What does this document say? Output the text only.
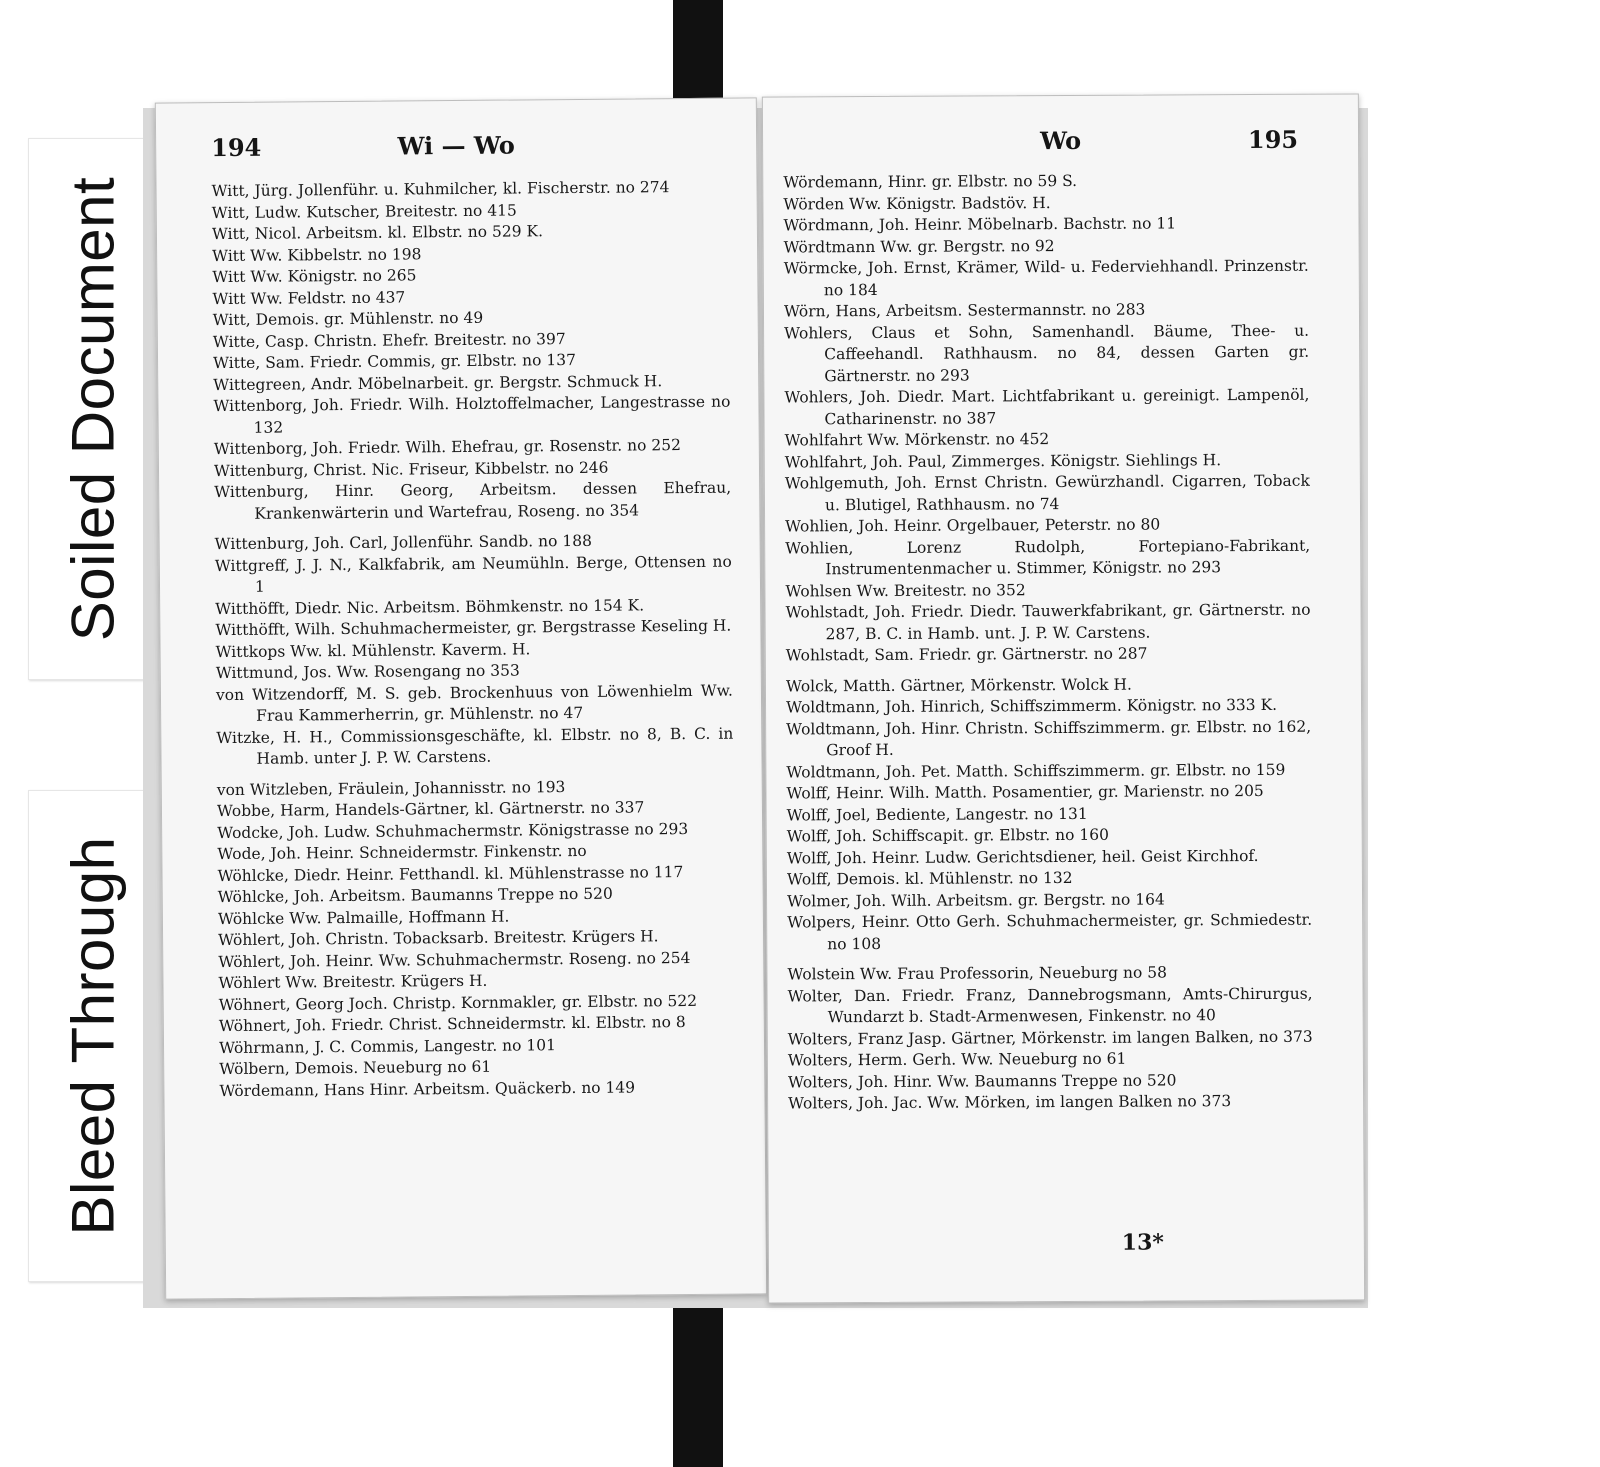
Soiled Document
Bleed Through
194	Wi — Wo

Witt, Jürg. Jollenführ. u. Kuhmilcher, kl. Fischerstr. no 274

Witt, Ludw. Kutscher, Breitestr. no 415

Witt, Nicol. Arbeitsm. kl. Elbstr. no 529 K.

Witt Ww. Kibbelstr. no 198

Witt Ww. Königstr. no 265

Witt Ww. Feldstr. no 437

Witt, Demois. gr. Mühlenstr. no 49

Witte, Casp. Christn. Ehefr. Breitestr. no 397

Witte, Sam. Friedr. Commis, gr. Elbstr. no 137

Wittegreen, Andr. Möbelnarbeit. gr. Bergstr. Schmuck H.

Wittenborg, Joh. Friedr. Wilh. Holztoffelmacher, Langestrasse no 132

Wittenborg, Joh. Friedr. Wilh. Ehefrau, gr. Rosenstr. no 252

Wittenburg, Christ. Nic. Friseur, Kibbelstr. no 246

Wittenburg, Hinr. Georg, Arbeitsm. dessen Ehefrau, Krankenwärterin und Wartefrau, Roseng. no 354

Wittenburg, Joh. Carl, Jollenführ. Sandb. no 188

Wittgreff, J. J. N., Kalkfabrik, am Neumühln. Berge, Ottensen no 1

Witthöfft, Diedr. Nic. Arbeitsm. Böhmkenstr. no 154 K.

Witthöfft, Wilh. Schuhmachermeister, gr. Bergstrasse Keseling H.

Wittkops Ww. kl. Mühlenstr. Kaverm. H.

Wittmund, Jos. Ww. Rosengang no 353

von Witzendorff, M. S. geb. Brockenhuus von Löwenhielm Ww. Frau Kammerherrin, gr. Mühlenstr. no 47

Witzke, H. H., Commissionsgeschäfte, kl. Elbstr. no 8, B. C. in Hamb. unter J. P. W. Carstens.

von Witzleben, Fräulein, Johannisstr. no 193

Wobbe, Harm, Handels-Gärtner, kl. Gärtnerstr. no 337

Wodcke, Joh. Ludw. Schuhmachermstr. Königstrasse no 293

Wode, Joh. Heinr. Schneidermstr. Finkenstr. no

Wöhlcke, Diedr. Heinr. Fetthandl. kl. Mühlenstrasse no 117

Wöhlcke, Joh. Arbeitsm. Baumanns Treppe no 520

Wöhlcke Ww. Palmaille, Hoffmann H.

Wöhlert, Joh. Christn. Tobacksarb. Breitestr. Krügers H.

Wöhlert, Joh. Heinr. Ww. Schuhmachermstr. Roseng. no 254

Wöhlert Ww. Breitestr. Krügers H.

Wöhnert, Georg Joch. Christp. Kornmakler, gr. Elbstr. no 522

Wöhnert, Joh. Friedr. Christ. Schneidermstr. kl. Elbstr. no 8

Wöhrmann, J. C. Commis, Langestr. no 101

Wölbern, Demois. Neueburg no 61

Wördemann, Hans Hinr. Arbeitsm. Quäckerb. no 149

Wo	195

Wördemann, Hinr. gr. Elbstr. no 59 S.

Wörden Ww. Königstr. Badstöv. H.

Wördmann, Joh. Heinr. Möbelnarb. Bachstr. no 11

Wördtmann Ww. gr. Bergstr. no 92

Wörmcke, Joh. Ernst, Krämer, Wild- u. Federviehhandl. Prinzenstr. no 184

Wörn, Hans, Arbeitsm. Sestermannstr. no 283

Wohlers, Claus et Sohn, Samenhandl. Bäume, Thee- u. Caffeehandl. Rathhausm. no 84, dessen Garten gr. Gärtnerstr. no 293

Wohlers, Joh. Diedr. Mart. Lichtfabrikant u. gereinigt. Lampenöl, Catharinenstr. no 387

Wohlfahrt Ww. Mörkenstr. no 452

Wohlfahrt, Joh. Paul, Zimmerges. Königstr. Siehlings H.

Wohlgemuth, Joh. Ernst Christn. Gewürzhandl. Cigarren, Toback u. Blutigel, Rathhausm. no 74

Wohlien, Joh. Heinr. Orgelbauer, Peterstr. no 80

Wohlien, Lorenz Rudolph, Fortepiano-Fabrikant, Instrumentenmacher u. Stimmer, Königstr. no 293

Wohlsen Ww. Breitestr. no 352

Wohlstadt, Joh. Friedr. Diedr. Tauwerkfabrikant, gr. Gärtnerstr. no 287, B. C. in Hamb. unt. J. P. W. Carstens.

Wohlstadt, Sam. Friedr. gr. Gärtnerstr. no 287

Wolck, Matth. Gärtner, Mörkenstr. Wolck H.

Woldtmann, Joh. Hinrich, Schiffszimmerm. Königstr. no 333 K.

Woldtmann, Joh. Hinr. Christn. Schiffszimmerm. gr. Elbstr. no 162, Groof H.

Woldtmann, Joh. Pet. Matth. Schiffszimmerm. gr. Elbstr. no 159

Wolff, Heinr. Wilh. Matth. Posamentier, gr. Marienstr. no 205

Wolff, Joel, Bediente, Langestr. no 131

Wolff, Joh. Schiffscapit. gr. Elbstr. no 160

Wolff, Joh. Heinr. Ludw. Gerichtsdiener, heil. Geist Kirchhof.

Wolff, Demois. kl. Mühlenstr. no 132

Wolmer, Joh. Wilh. Arbeitsm. gr. Bergstr. no 164

Wolpers, Heinr. Otto Gerh. Schuhmachermeister, gr. Schmiedestr. no 108

Wolstein Ww. Frau Professorin, Neueburg no 58

Wolter, Dan. Friedr. Franz, Dannebrogsmann, Amts-Chirurgus, Wundarzt b. Stadt-Armenwesen, Finkenstr. no 40

Wolters, Franz Jasp. Gärtner, Mörkenstr. im langen Balken, no 373

Wolters, Herm. Gerh. Ww. Neueburg no 61

Wolters, Joh. Hinr. Ww. Baumanns Treppe no 520

Wolters, Joh. Jac. Ww. Mörken, im langen Balken no 373

13*
